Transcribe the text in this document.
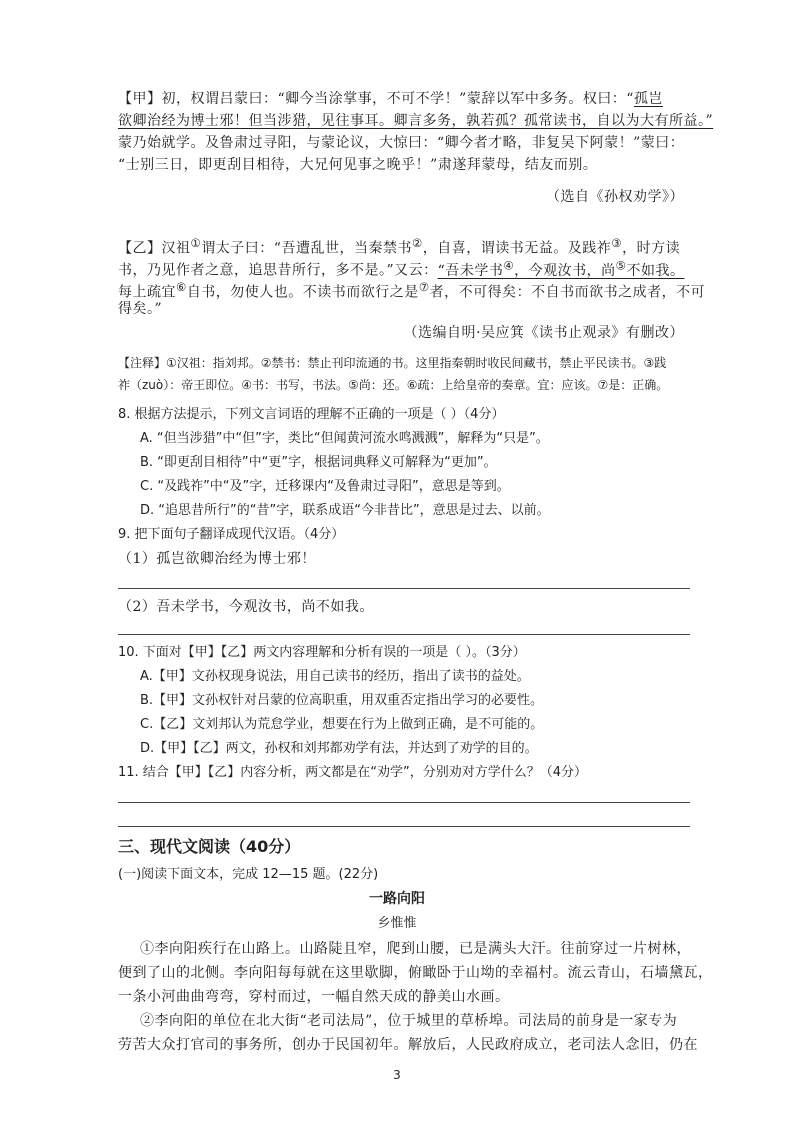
【甲】初，权谓吕蒙曰：“卿今当涂掌事，不可不学！”蒙辞以军中多务。权曰：“孤岂
欲卿治经为博士邪！但当涉猎，见往事耳。卿言多务，孰若孤？孤常读书，自以为大有所益。”
蒙乃始就学。及鲁肃过寻阳，与蒙论议，大惊曰：“卿今者才略，非复吴下阿蒙！”蒙曰：
“士别三日，即更刮目相待，大兄何见事之晚乎！”肃遂拜蒙母，结友而别。
（选自《孙权劝学》）
【乙】汉祖①谓太子曰：“吾遭乱世，当秦禁书②，自喜，谓读书无益。及践祚③，时方读
书，乃见作者之意，追思昔所行，多不是。”又云：“吾未学书④，今观汝书，尚⑤不如我。
每上疏宜⑥自书，勿使人也。不读书而欲行之是⑦者，不可得矣：不自书而欲书之成者，不可
得矣。”
（选编自明·吴应箕《读书止观录》有删改）
【注释】①汉祖：指刘邦。②禁书：禁止刊印流通的书。这里指秦朝时收民间藏书，禁止平民读书。③践
祚（zuò）：帝王即位。④书：书写，书法。⑤尚：还。⑥疏：上给皇帝的奏章。宜：应该。⑦是：正确。
8. 根据方法提示，下列文言词语的理解不正确的一项是（ ）（4分）
A. “但当涉猎”中“但”字，类比“但闻黄河流水鸣溅溅”，解释为“只是”。
B. “即更刮目相待”中“更”字，根据词典释义可解释为“更加”。
C. “及践祚”中“及”字，迁移课内“及鲁肃过寻阳”，意思是等到。
D. “追思昔所行”的“昔”字，联系成语“今非昔比”，意思是过去、以前。
9. 把下面句子翻译成现代汉语。（4分）
（1）孤岂欲卿治经为博士邪！
（2）吾未学书，今观汝书，尚不如我。
10. 下面对【甲】【乙】两文内容理解和分析有误的一项是（ ）。（3分）
A.【甲】文孙权现身说法，用自己读书的经历，指出了读书的益处。
B.【甲】文孙权针对吕蒙的位高职重，用双重否定指出学习的必要性。
C.【乙】文刘邦认为荒怠学业，想要在行为上做到正确，是不可能的。
D.【甲】【乙】两文，孙权和刘邦都劝学有法，并达到了劝学的目的。
11. 结合【甲】【乙】内容分析，两文都是在“劝学”，分别劝对方学什么？（4分）
三、现代文阅读（40分）
(一)阅读下面文本，完成 12—15 题。(22分)
一路向阳
乡惟惟
①李向阳疾行在山路上。山路陡且窄，爬到山腰，已是满头大汗。往前穿过一片树林，
便到了山的北侧。李向阳每每就在这里歇脚，俯瞰卧于山坳的幸福村。流云青山，石墙黛瓦，
一条小河曲曲弯弯，穿村而过，一幅自然天成的静美山水画。
②李向阳的单位在北大街“老司法局”，位于城里的草桥埠。司法局的前身是一家专为
劳苦大众打官司的事务所，创办于民国初年。解放后，人民政府成立，老司法人念旧，仍在
3
